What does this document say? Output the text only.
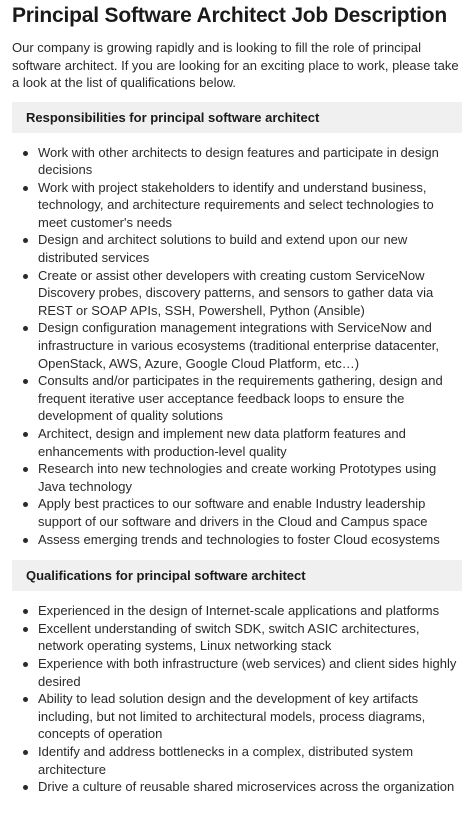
Principal Software Architect Job Description

Our company is growing rapidly and is looking to fill the role of principal software architect. If you are looking for an exciting place to work, please take a look at the list of qualifications below.

Responsibilities for principal software architect
Work with other architects to design features and participate in design decisions
Work with project stakeholders to identify and understand business, technology, and architecture requirements and select technologies to meet customer's needs
Design and architect solutions to build and extend upon our new distributed services
Create or assist other developers with creating custom ServiceNow Discovery probes, discovery patterns, and sensors to gather data via REST or SOAP APIs, SSH, Powershell, Python (Ansible)
Design configuration management integrations with ServiceNow and infrastructure in various ecosystems (traditional enterprise datacenter, OpenStack, AWS, Azure, Google Cloud Platform, etc…)
Consults and/or participates in the requirements gathering, design and frequent iterative user acceptance feedback loops to ensure the development of quality solutions
Architect, design and implement new data platform features and enhancements with production-level quality
Research into new technologies and create working Prototypes using Java technology
Apply best practices to our software and enable Industry leadership support of our software and drivers in the Cloud and Campus space
Assess emerging trends and technologies to foster Cloud ecosystems
Qualifications for principal software architect
Experienced in the design of Internet-scale applications and platforms
Excellent understanding of switch SDK, switch ASIC architectures, network operating systems, Linux networking stack
Experience with both infrastructure (web services) and client sides highly desired
Ability to lead solution design and the development of key artifacts including, but not limited to architectural models, process diagrams, concepts of operation
Identify and address bottlenecks in a complex, distributed system architecture
Drive a culture of reusable shared microservices across the organization
